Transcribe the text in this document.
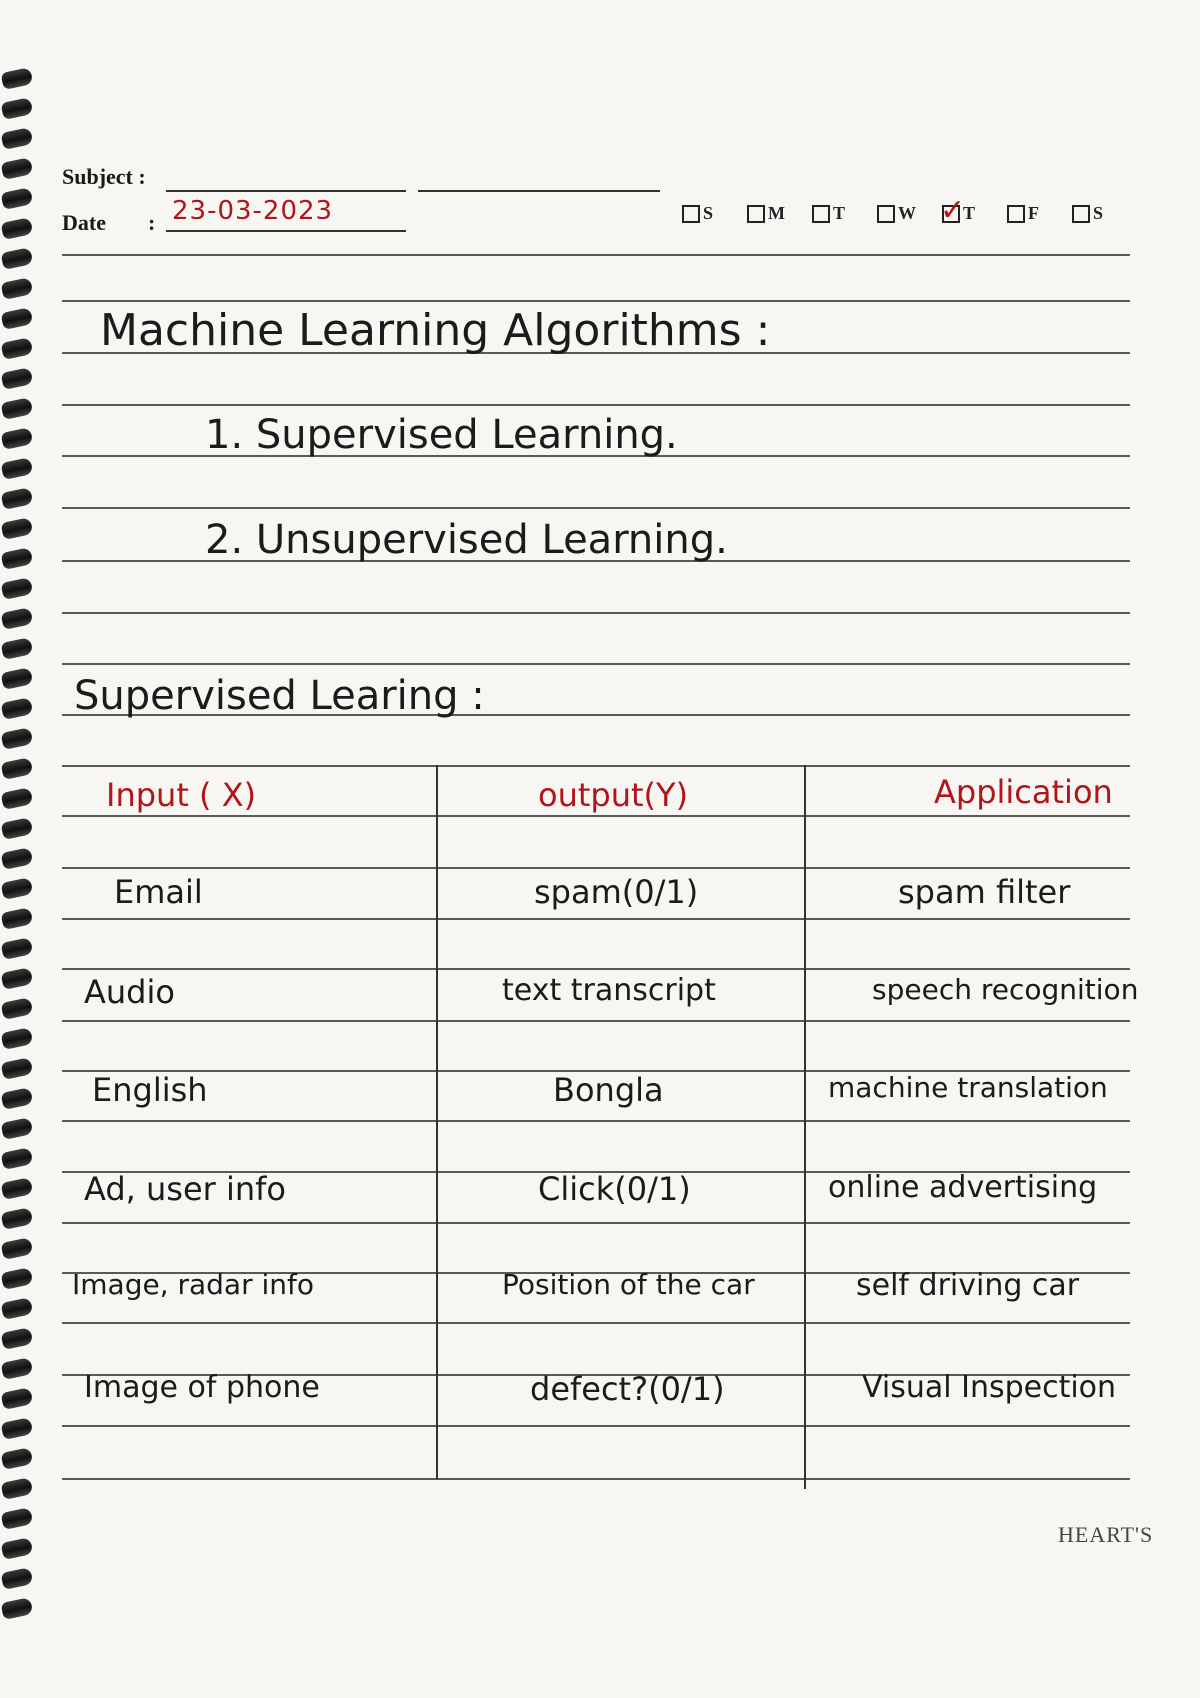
Subject :
Date : 23-03-2023	S	M	T	W ✓
T	F	S
Machine Learning Algorithms :
1. Supervised Learning.
2. Unsupervised Learning.
Supervised Learing :
Input ( X)	output(Y)	Application
Email	spam(0/1)	spam filter
Audio	text transcript	speech recognition
English	Bongla	machine translation
Ad, user info	Click(0/1)	online advertising
Image, radar info	Position of the car	self driving car
Image of phone	defect?(0/1)	Visual Inspection
HEART'S
